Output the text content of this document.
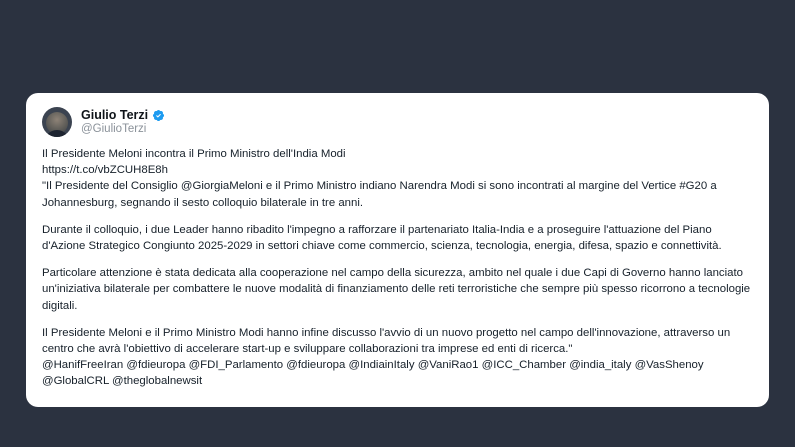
Giulio Terzi
@GiulioTerzi
Il Presidente Meloni incontra il Primo Ministro dell'India Modi
https://t.co/vbZCUH8E8h
"Il Presidente del Consiglio @GiorgiaMeloni e il Primo Ministro indiano Narendra Modi si sono incontrati al margine del Vertice #G20 a Johannesburg, segnando il sesto colloquio bilaterale in tre anni.
Durante il colloquio, i due Leader hanno ribadito l'impegno a rafforzare il partenariato Italia-India e a proseguire l'attuazione del Piano d'Azione Strategico Congiunto 2025-2029 in settori chiave come commercio, scienza, tecnologia, energia, difesa, spazio e connettività.
Particolare attenzione è stata dedicata alla cooperazione nel campo della sicurezza, ambito nel quale i due Capi di Governo hanno lanciato un'iniziativa bilaterale per combattere le nuove modalità di finanziamento delle reti terroristiche che sempre più spesso ricorrono a tecnologie digitali.
Il Presidente Meloni e il Primo Ministro Modi hanno infine discusso l'avvio di un nuovo progetto nel campo dell'innovazione, attraverso un centro che avrà l'obiettivo di accelerare start-up e sviluppare collaborazioni tra imprese ed enti di ricerca."
@HanifFreeIran @fdieuropa @FDI_Parlamento @fdieuropa @IndiainItaly @VaniRao1 @ICC_Chamber @india_italy @VasShenoy @GlobalCRL @theglobalnewsit
